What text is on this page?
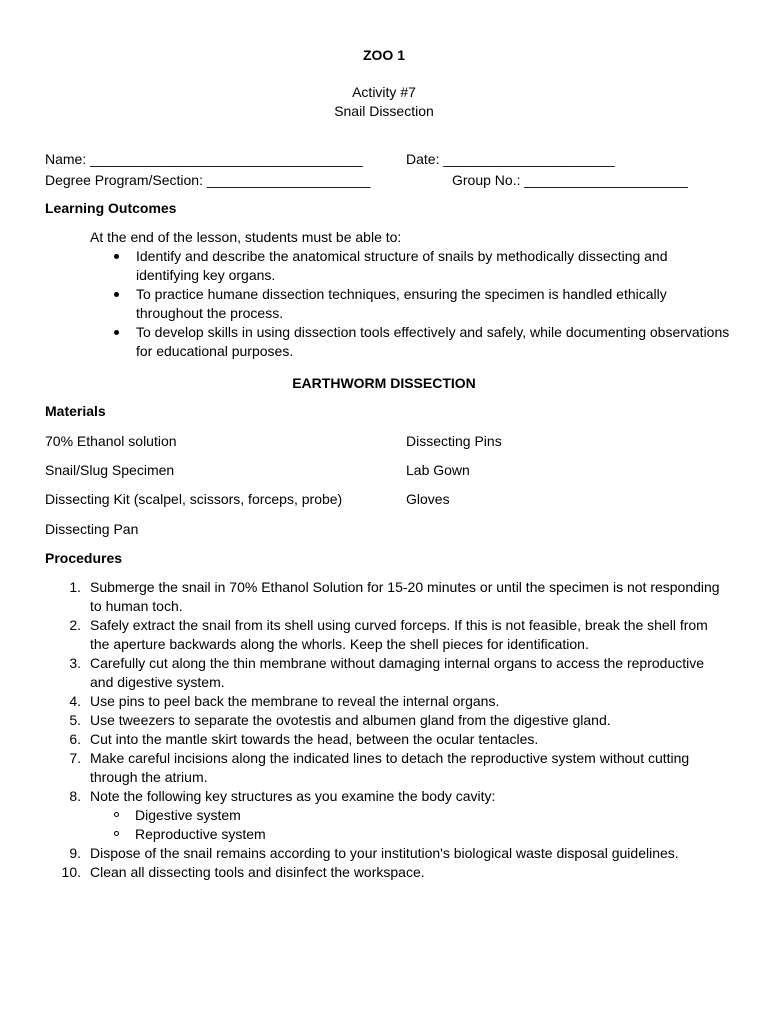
ZOO 1
Activity #7
Snail Dissection
Name: ___________________________________	Date: ______________________
Degree Program/Section: _____________________	Group No.: _____________________
Learning Outcomes
At the end of the lesson, students must be able to:
Identify and describe the anatomical structure of snails by methodically dissecting and identifying key organs.
To practice humane dissection techniques, ensuring the specimen is handled ethically throughout the process.
To develop skills in using dissection tools effectively and safely, while documenting observations for educational purposes.
EARTHWORM DISSECTION
Materials
70% Ethanol solution
Snail/Slug Specimen
Dissecting Kit (scalpel, scissors, forceps, probe)
Dissecting Pan
Dissecting Pins
Lab Gown
Gloves
Procedures
1. Submerge the snail in 70% Ethanol Solution for 15-20 minutes or until the specimen is not responding to human toch.
2. Safely extract the snail from its shell using curved forceps. If this is not feasible, break the shell from the aperture backwards along the whorls. Keep the shell pieces for identification.
3. Carefully cut along the thin membrane without damaging internal organs to access the reproductive and digestive system.
4. Use pins to peel back the membrane to reveal the internal organs.
5. Use tweezers to separate the ovotestis and albumen gland from the digestive gland.
6. Cut into the mantle skirt towards the head, between the ocular tentacles.
7. Make careful incisions along the indicated lines to detach the reproductive system without cutting through the atrium.
8. Note the following key structures as you examine the body cavity:
Digestive system
Reproductive system
9. Dispose of the snail remains according to your institution's biological waste disposal guidelines.
10. Clean all dissecting tools and disinfect the workspace.
